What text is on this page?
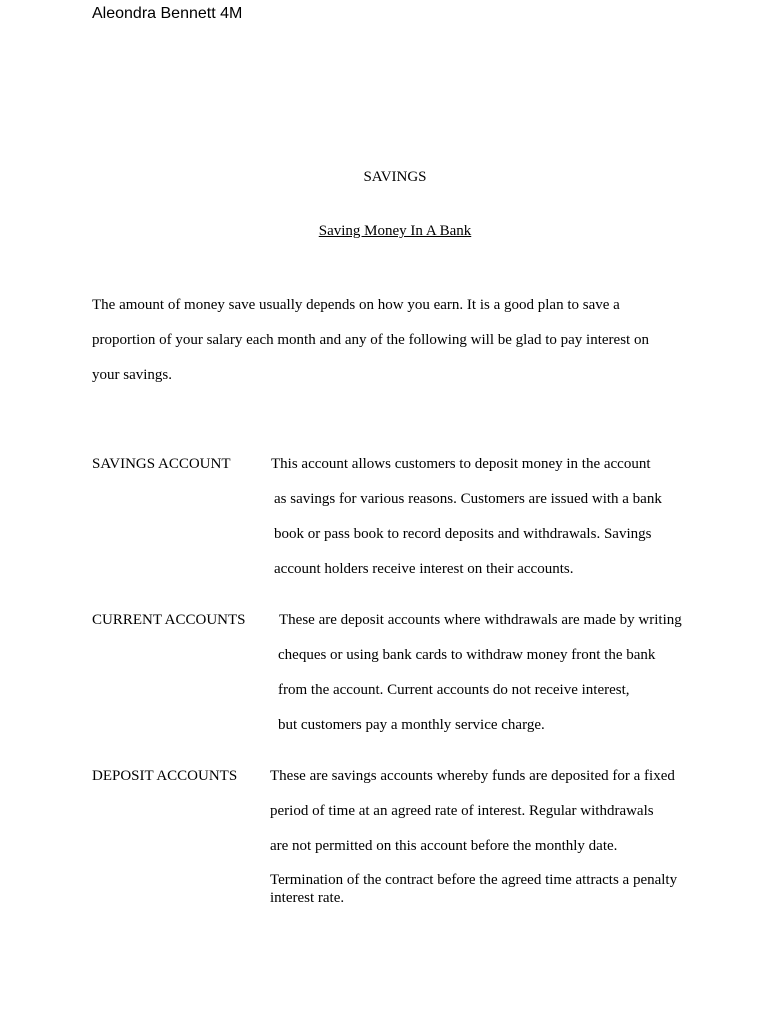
Aleondra Bennett 4M
SAVINGS
Saving Money In A Bank
The amount of money save usually depends on how you earn. It is a good plan to save a
proportion of your salary each month and any of the following will be glad to pay interest on
your savings.
SAVINGS ACCOUNT	This account allows customers to deposit money in the account
as savings for various reasons. Customers are issued with a bank
book or pass book to record deposits and withdrawals. Savings
account holders receive interest on their accounts.
CURRENT ACCOUNTS These are deposit accounts where withdrawals are made by writing
cheques or using bank cards to withdraw money front the bank
from the account. Current accounts do not receive interest,
but customers pay a monthly service charge.
DEPOSIT ACCOUNTS These are savings accounts whereby funds are deposited for a fixed
period of time at an agreed rate of interest. Regular withdrawals
are not permitted on this account before the monthly date.
Termination of the contract before the agreed time attracts a penalty
interest rate.
